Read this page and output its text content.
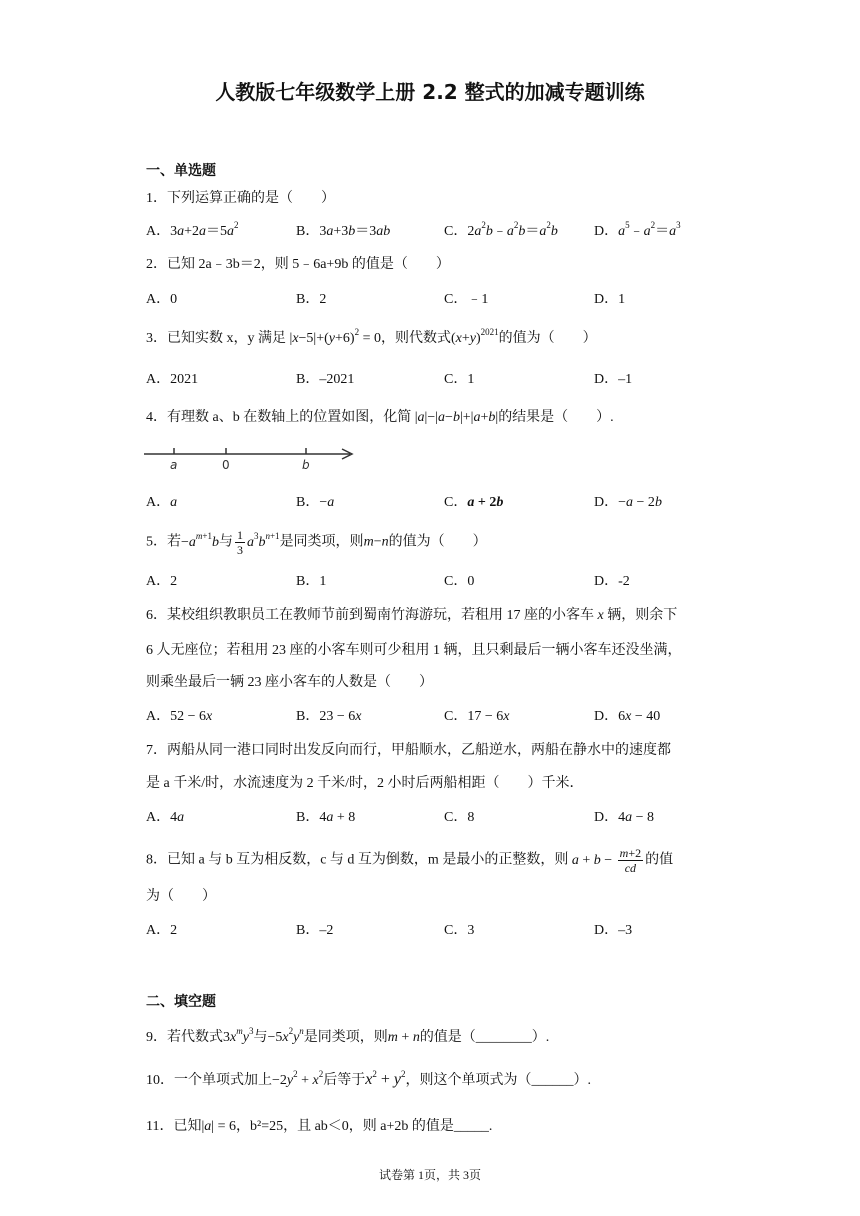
人教版七年级数学上册 2.2 整式的加减专题训练
一、单选题
1．下列运算正确的是（　　）
A．$3a+2a=5a^2$	B．3a+3b＝3ab	C．$2a^2b﹣a^2b=a^2b$	D．$a^5﹣a^2=a^3$
2．已知 2a﹣3b＝2，则 5﹣6a+9b 的值是（　　）
A．0	B．2	C．﹣1	D．1
3．已知实数 x，y 满足 $|x-5|+(y+6)^2 = 0$，则代数式$(x+y)^{2021}$的值为（　　）
A．2021	B．–2021	C．1	D．–1
4．有理数 a、b 在数轴上的位置如图，化简 |a|−|a−b|+|a+b|的结果是（　　）.
a	0	b
A．a	B．−a	C．a + 2b	D．−a − 2b
5．若$-a^{m+1}b$与 $\frac{1}{3} a^3b^{n+1}$是同类项，则m−n的值为（　　）
A．2	B．1	C．0	D．-2
6．某校组织教职员工在教师节前到蜀南竹海游玩，若租用 17 座的小客车 x 辆，则余下
6 人无座位；若租用 23 座的小客车则可少租用 1 辆，且只剩最后一辆小客车还没坐满，
则乘坐最后一辆 23 座小客车的人数是（　　）
A．52 − 6x	B．23 − 6x	C．17 − 6x	D．6x − 40
7．两船从同一港口同时出发反向而行，甲船顺水，乙船逆水，两船在静水中的速度都
是 a 千米/时，水流速度为 2 千米/时，2 小时后两船相距（　　）千米．
A．4a	B．4a + 8	C．8	D．4a − 8
8．已知 a 与 b 互为相反数，c 与 d 互为倒数，m 是最小的正整数，则 $a + b - \frac{m+2}{cd}$ 的值
为（　　）
A．2	B．–2	C．3	D．–3
二、填空题
9．若代数式$3x^my^3$与$-5x^2y^n$是同类项，则m + n的值是（________）.
10．一个单项式加上$-2y^2 + x^2$后等于$x^2 + y^2$，则这个单项式为（______）.
11．已知|a| = 6，b²=25，且 ab＜0，则 a+2b 的值是_____.
试卷第 1页，共 3页
